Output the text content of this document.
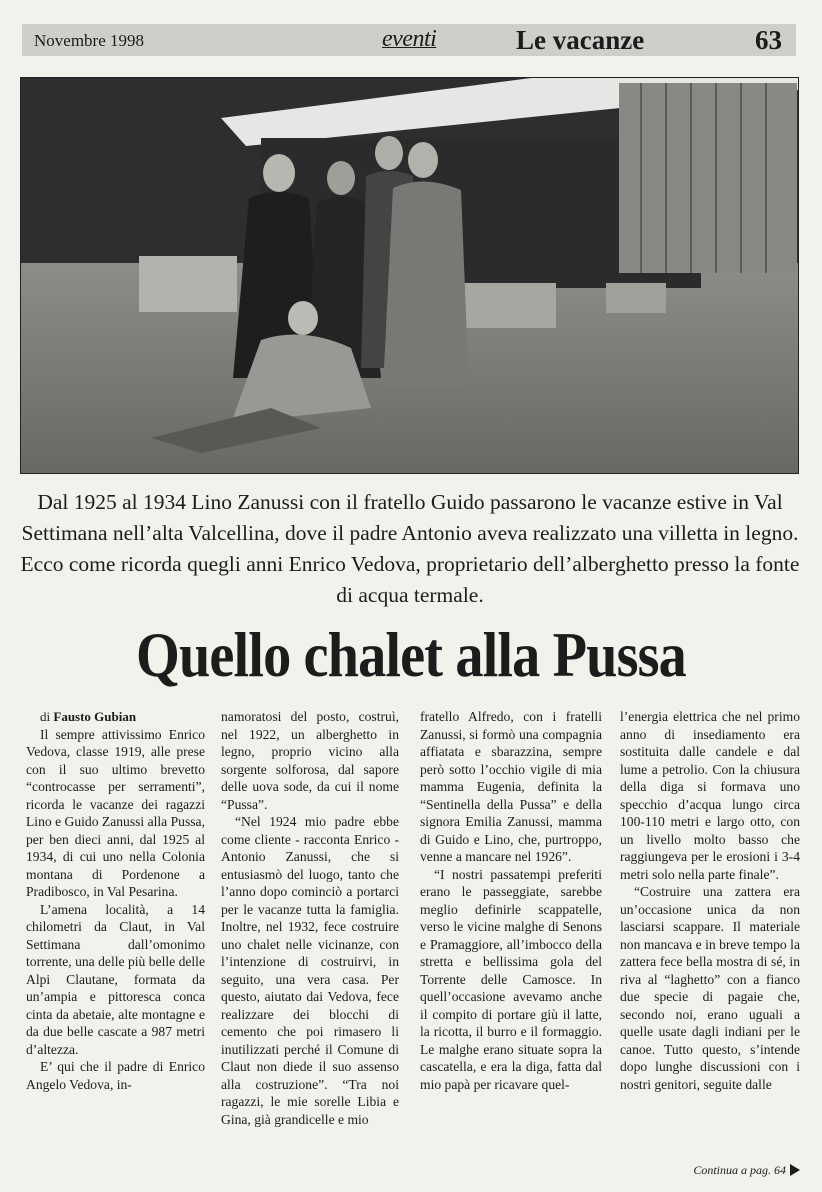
Novembre 1998	eventi	Le vacanze	63
Dal 1925 al 1934 Lino Zanussi con il fratello Guido passarono le vacanze estive in Val Settimana nell’alta Valcellina, dove il padre Antonio aveva realizzato una villetta in legno. Ecco come ricorda quegli anni Enrico Vedova, proprietario dell’alberghetto presso la fonte di acqua termale.
Quello chalet alla Pussa

di Fausto Gubian

Il sempre attivissimo Enrico Vedova, classe 1919, alle prese con il suo ultimo brevetto “controcasse per serramenti”, ricorda le vacanze dei ragazzi Lino e Guido Zanussi alla Pussa, per ben dieci anni, dal 1925 al 1934, di cui uno nella Colonia montana di Pordenone a Pradibosco, in Val Pesarina.

L’amena località, a 14 chilometri da Claut, in Val Settimana dall’omonimo torrente, una delle più belle delle Alpi Clautane, formata da un’ampia e pittoresca conca cinta da abetaie, alte montagne e da due belle cascate a 987 metri d’altezza.

E’ qui che il padre di Enrico Angelo Vedova, in-

namoratosi del posto, costruì, nel 1922, un alberghetto in legno, proprio vicino alla sorgente solforosa, dal sapore delle uova sode, da cui il nome “Pussa”.

“Nel 1924 mio padre ebbe come cliente - racconta Enrico - Antonio Zanussi, che si entusiasmò del luogo, tanto che l’anno dopo cominciò a portarci per le vacanze tutta la famiglia. Inoltre, nel 1932, fece costruire uno chalet nelle vicinanze, con l’intenzione di costruirvi, in seguito, una vera casa. Per questo, aiutato dai Vedova, fece realizzare dei blocchi di cemento che poi rimasero li inutilizzati perché il Comune di Claut non diede il suo assenso alla costruzione”. “Tra noi ragazzi, le mie sorelle Libia e Gina, già grandicelle e mio

fratello Alfredo, con i fratelli Zanussi, si formò una compagnia affiatata e sbarazzina, sempre però sotto l’occhio vigile di mia mamma Eugenia, definita la “Sentinella della Pussa” e della signora Emilia Zanussi, mamma di Guido e Lino, che, purtroppo, venne a mancare nel 1926”.

“I nostri passatempi preferiti erano le passeggiate, sarebbe meglio definirle scappatelle, verso le vicine malghe di Senons e Pramaggiore, all’imbocco della stretta e bellissima gola del Torrente delle Camosce. In quell’occasione avevamo anche il compito di portare giù il latte, la ricotta, il burro e il formaggio. Le malghe erano situate sopra la cascatella, e era la diga, fatta dal mio papà per ricavare quel-

l’energia elettrica che nel primo anno di insediamento era sostituita dalle candele e dal lume a petrolio. Con la chiusura della diga si formava uno specchio d’acqua lungo circa 100-110 metri e largo otto, con un livello molto basso che raggiungeva per le erosioni i 3-4 metri solo nella parte finale”.

“Costruire una zattera era un’occasione unica da non lasciarsi scappare. Il materiale non mancava e in breve tempo la zattera fece bella mostra di sé, in riva al “laghetto” con a fianco due specie di pagaie che, secondo noi, erano uguali a quelle usate dagli indiani per le canoe. Tutto questo, s’intende dopo lunghe discussioni con i nostri genitori, seguite dalle

Continua a pag. 64
